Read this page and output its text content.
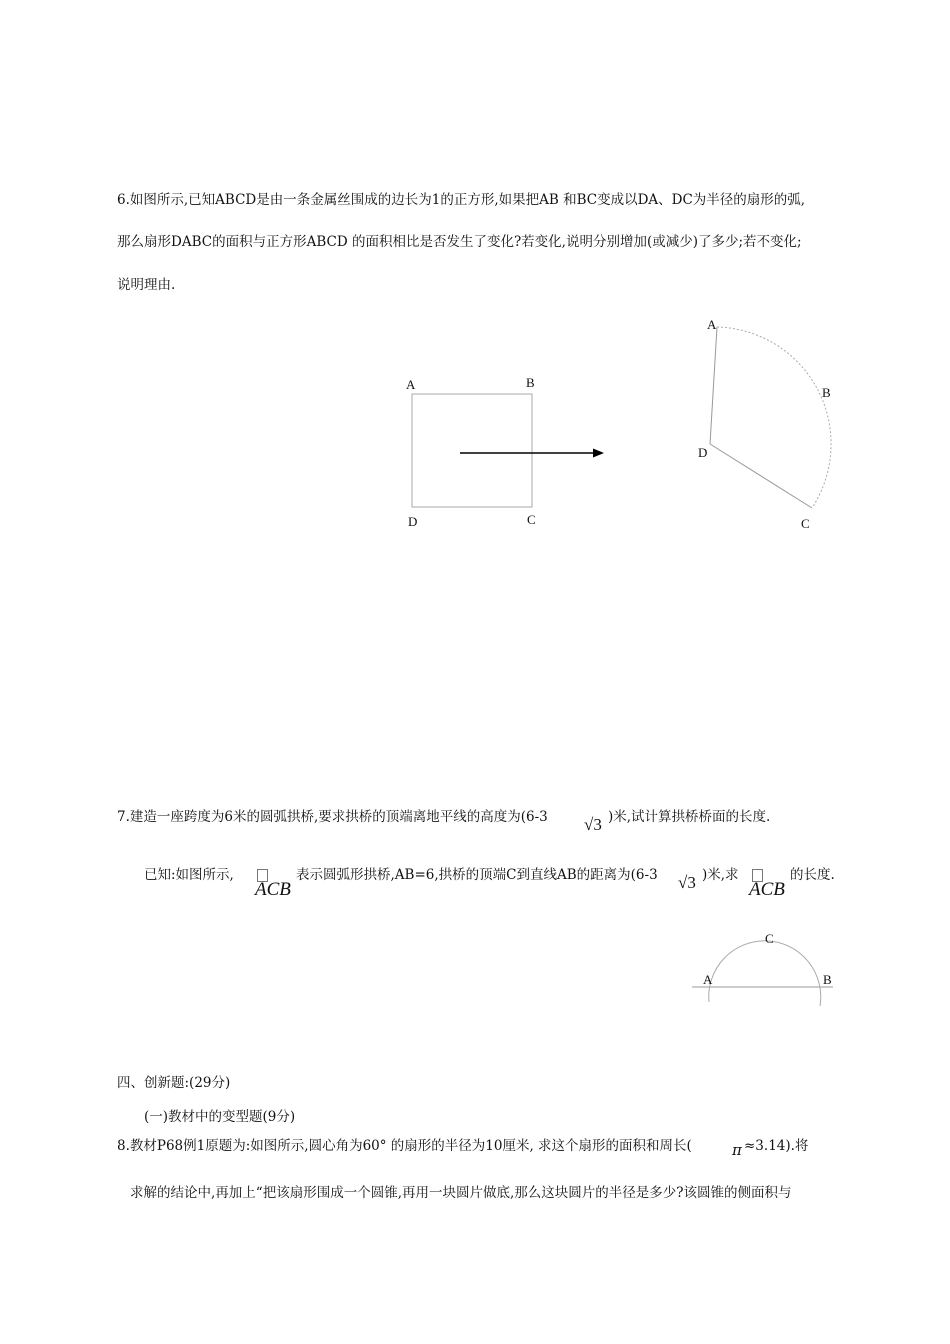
6.如图所示,已知ABCD是由一条金属丝围成的边长为1的正方形,如果把AB 和BC变成以DA、DC为半径的扇形的弧,
那么扇形DABC的面积与正方形ABCD 的面积相比是否发生了变化?若变化,说明分别增加(或减少)了多少;若不变化;
说明理由.
A	B
C
D
A
B
C
D
7.建造一座跨度为6米的圆弧拱桥,要求拱桥的顶端离地平线的高度为(6-3 √3 )米,试计算拱桥桥面的长度.
已知:如图所示,
ACB
表示圆弧形拱桥,AB=6,拱桥的顶端C到直线AB的距离为(6-3 √3 )米,求
ACB
的长度.
C
A	B
四、创新题:(29分)
(一)教材中的变型题(9分)
8.教材P68例1原题为:如图所示,圆心角为60° 的扇形的半径为10厘米, 求这个扇形的面积和周长(	π ≈3.14).将
求解的结论中,再加上“把该扇形围成一个圆锥,再用一块圆片做底,那么这块圆片的半径是多少?该圆锥的侧面积与
